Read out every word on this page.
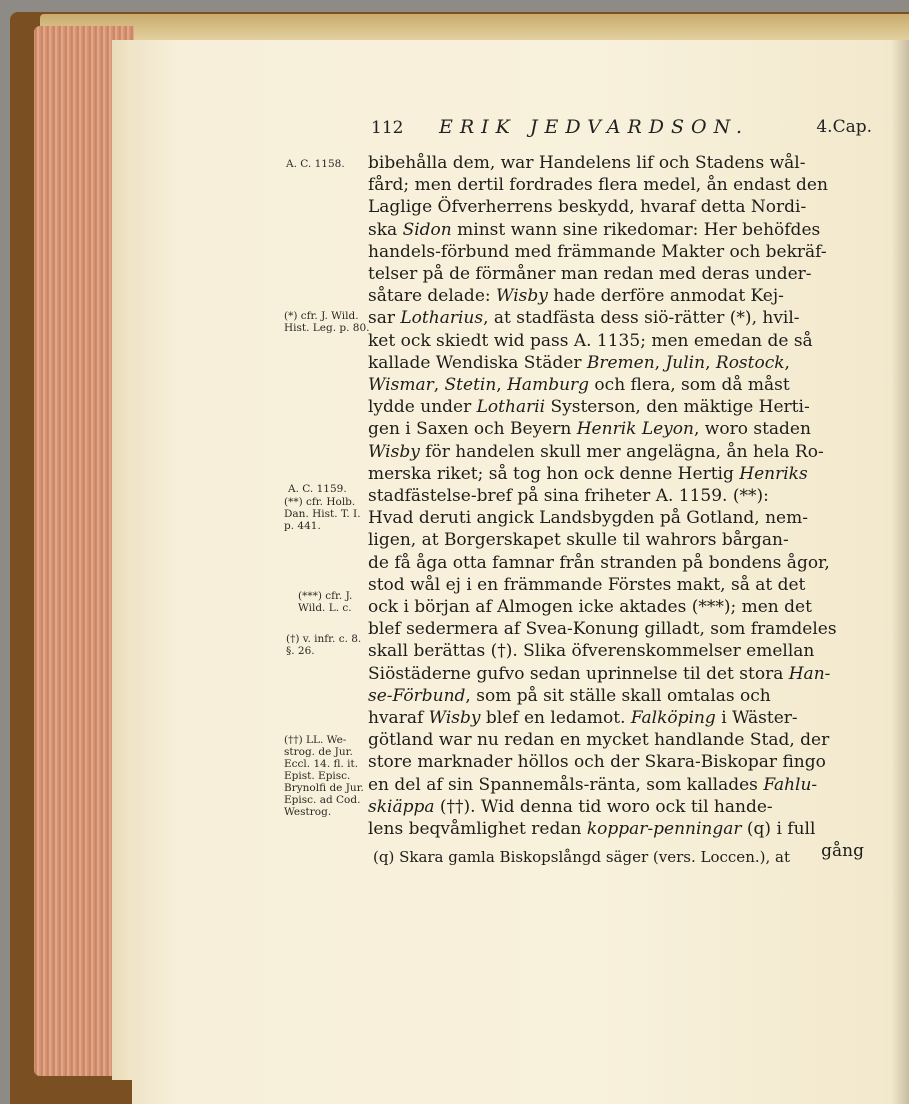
112 ERIK JEDVARDSON.	4.Cap.
bibehålla dem, war Handelens lif och Stadens wål-
fård; men dertil fordrades flera medel, ån endast den
Laglige Öfverherrens beskydd, hvaraf detta Nordi-
ska Sidon minst wann sine rikedomar: Her behöfdes
handels-förbund med främmande Makter och bekräf-
telser på de förmåner man redan med deras under-
såtare delade: Wisby hade derföre anmodat Kej-
sar Lotharius, at stadfästa dess siö-rätter (*), hvil-
ket ock skiedt wid pass A. 1135; men emedan de så
kallade Wendiska Städer Bremen, Julin, Rostock,
Wismar, Stetin, Hamburg och flera, som då måst
lydde under Lotharii Systerson, den mäktige Herti-
gen i Saxen och Beyern Henrik Leyon, woro staden
Wisby för handelen skull mer angelägna, ån hela Ro-
merska riket; så tog hon ock denne Hertig Henriks
stadfästelse-bref på sina friheter A. 1159. (**):
Hvad deruti angick Landsbygden på Gotland, nem-
ligen, at Borgerskapet skulle til wahrors bårgan-
de få åga otta famnar från stranden på bondens ågor,
stod wål ej i en främmande Förstes makt, så at det
ock i början af Almogen icke aktades (***); men det
blef sedermera af Svea-Konung gilladt, som framdeles
skall berättas (†). Slika öfverenskommelser emellan
Siöstäderne gufvo sedan uprinnelse til det stora Han-
se-Förbund, som på sit ställe skall omtalas och
hvaraf Wisby blef en ledamot. Falköping i Wäster-
götland war nu redan en mycket handlande Stad, der
store marknader höllos och der Skara-Biskopar fingo
en del af sin Spannemåls-ränta, som kallades Fahlu-
skiäppa (††). Wid denna tid woro ock til hande-
lens beqvåmlighet redan koppar-penningar (q) i full
gång
(q) Skara gamla Biskopslångd säger (vers. Loccen.), at
A. C. 1158.
(*) cfr. J. Wild.
Hist. Leg. p. 80.
A. C. 1159.
(**) cfr. Holb.
Dan. Hist. T. I.
p. 441.
(***) cfr. J.
Wild. L. c.
(†) v. infr. c. 8.
§. 26.
(††) LL. We-
strog. de Jur.
Eccl. 14. fl. it.
Epist. Episc.
Brynolfi de Jur.
Episc. ad Cod.
Westrog.
